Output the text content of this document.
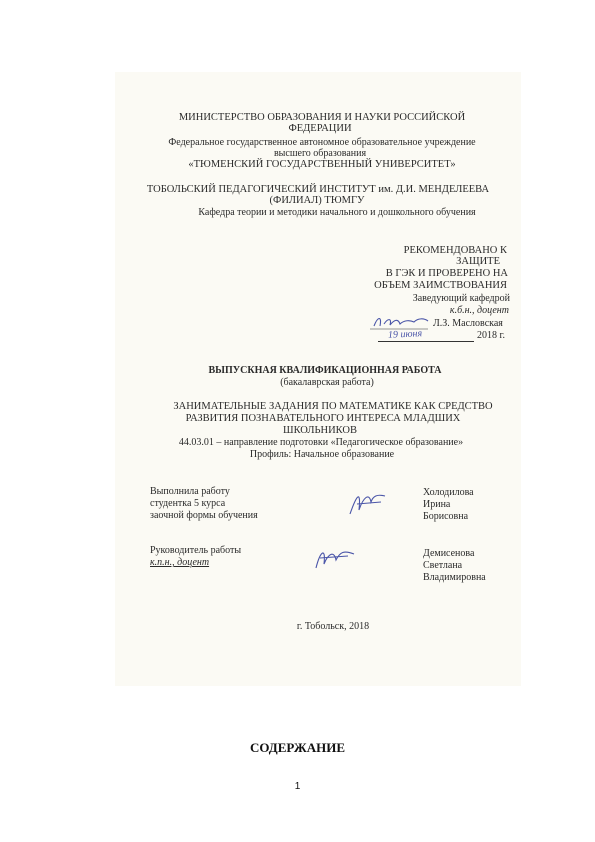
МИНИСТЕРСТВО ОБРАЗОВАНИЯ И НАУКИ РОССИЙСКОЙ
ФЕДЕРАЦИИ
Федеральное государственное автономное образовательное учреждение
высшего образования
«ТЮМЕНСКИЙ ГОСУДАРСТВЕННЫЙ УНИВЕРСИТЕТ»
ТОБОЛЬСКИЙ ПЕДАГОГИЧЕСКИЙ ИНСТИТУТ им. Д.И. МЕНДЕЛЕЕВА
(ФИЛИАЛ) ТЮМГУ
Кафедра теории и методики начального и дошкольного обучения
РЕКОМЕНДОВАНО К
ЗАЩИТЕ
В ГЭК И ПРОВЕРЕНО НА
ОБЪЕМ ЗАИМСТВОВАНИЯ
Заведующий кафедрой
к.б.н., доцент
Л.З. Масловская
19 июня	2018 г.
ВЫПУСКНАЯ КВАЛИФИКАЦИОННАЯ РАБОТА
(бакалаврская работа)
ЗАНИМАТЕЛЬНЫЕ ЗАДАНИЯ ПО МАТЕМАТИКЕ КАК СРЕДСТВО
РАЗВИТИЯ ПОЗНАВАТЕЛЬНОГО ИНТЕРЕСА МЛАДШИХ
ШКОЛЬНИКОВ
44.03.01 – направление подготовки «Педагогическое образование»
Профиль: Начальное образование
Выполнила работу
студентка 5 курса
заочной формы обучения
Холодилова
Ирина
Борисовна
Руководитель работы
к.п.н., доцент
Демисенова
Светлана
Владимировна
г. Тобольск, 2018
СОДЕРЖАНИЕ
1
